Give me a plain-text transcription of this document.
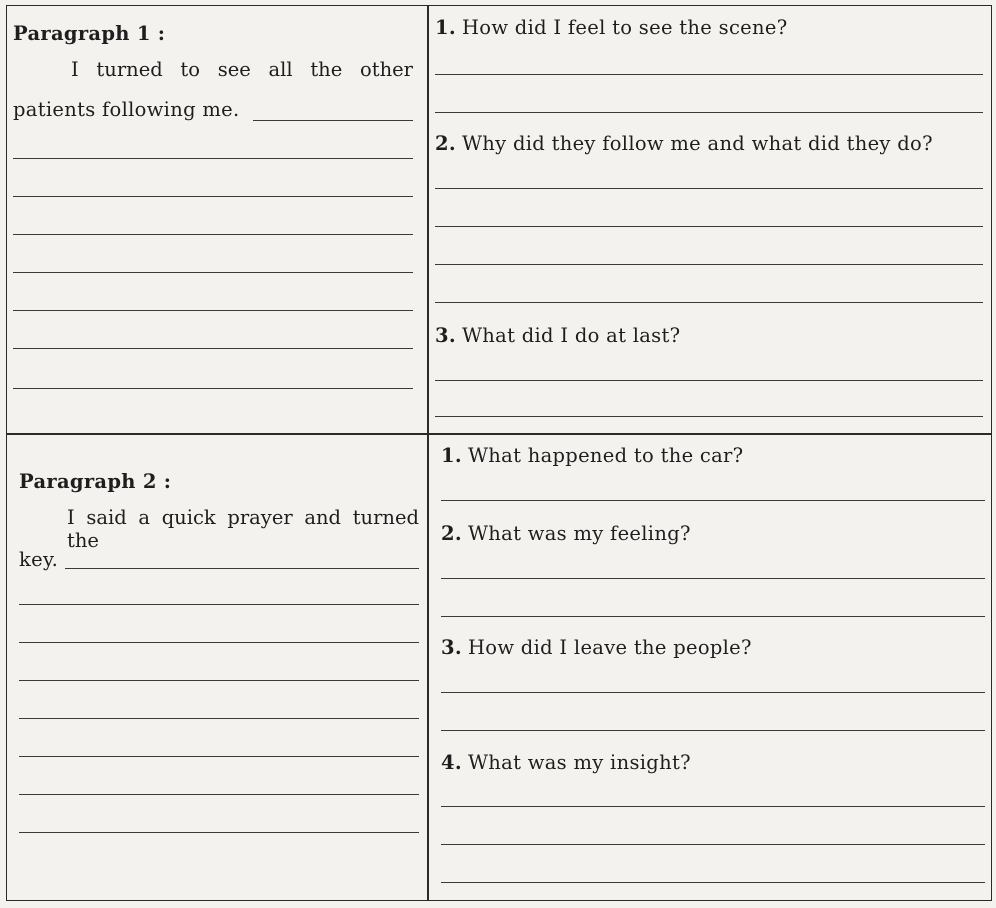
Paragraph 1 :
I turned to see all the other
patients following me.
1. How did I feel to see the scene?
2. Why did they follow me and what did they do?
3. What did I do at last?
Paragraph 2 :
I said a quick prayer and turned the
key.
1. What happened to the car?
2. What was my feeling?
3. How did I leave the people?
4. What was my insight?
